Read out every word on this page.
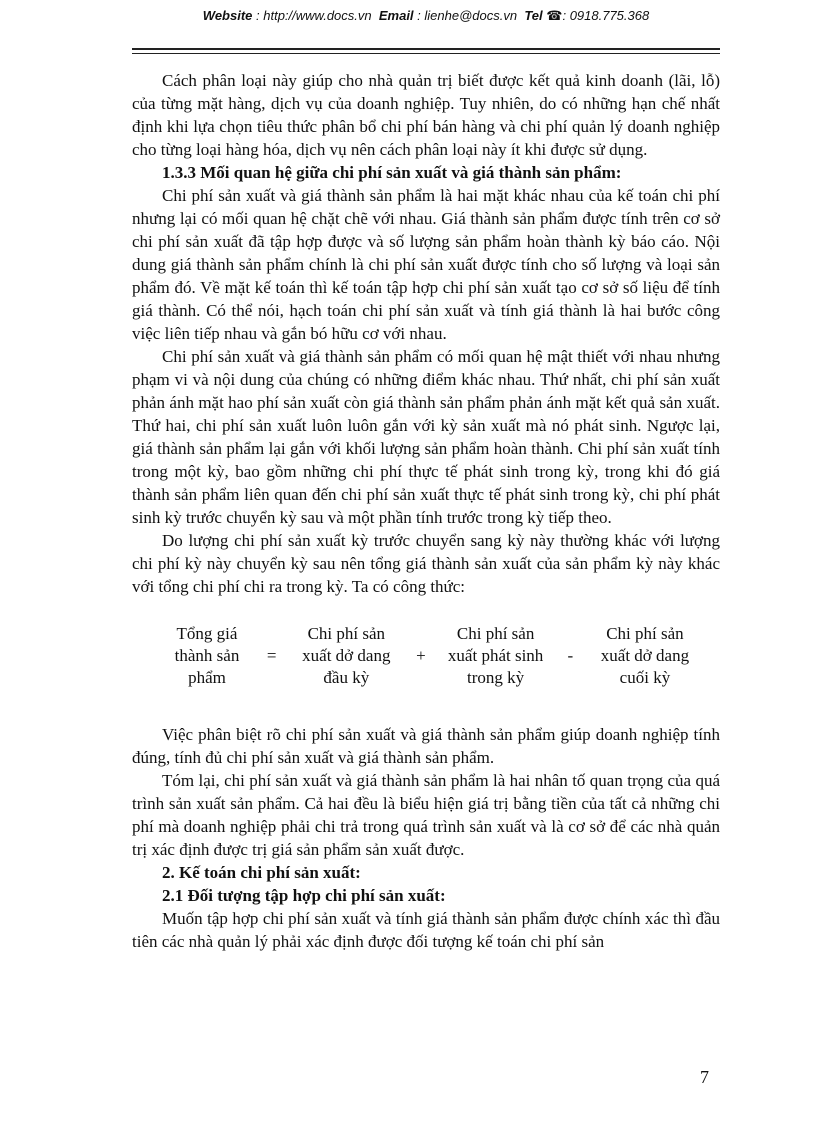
Website : http://www.docs.vn Email : lienhe@docs.vn Tel ☎: 0918.775.368

Cách phân loại này giúp cho nhà quản trị biết được kết quả kinh doanh (lãi, lỗ) của từng mặt hàng, dịch vụ của doanh nghiệp. Tuy nhiên, do có những hạn chế nhất định khi lựa chọn tiêu thức phân bổ chi phí bán hàng và chi phí quản lý doanh nghiệp cho từng loại hàng hóa, dịch vụ nên cách phân loại này ít khi được sử dụng.

1.3.3 Mối quan hệ giữa chi phí sản xuất và giá thành sản phẩm:

Chi phí sản xuất và giá thành sản phẩm là hai mặt khác nhau của kế toán chi phí nhưng lại có mối quan hệ chặt chẽ với nhau. Giá thành sản phẩm được tính trên cơ sở chi phí sản xuất đã tập hợp được và số lượng sản phẩm hoàn thành kỳ báo cáo. Nội dung giá thành sản phẩm chính là chi phí sản xuất được tính cho số lượng và loại sản phẩm đó. Về mặt kế toán thì kế toán tập hợp chi phí sản xuất tạo cơ sở số liệu để tính giá thành. Có thể nói, hạch toán chi phí sản xuất và tính giá thành là hai bước công việc liên tiếp nhau và gắn bó hữu cơ với nhau.

Chi phí sản xuất và giá thành sản phẩm có mối quan hệ mật thiết với nhau nhưng phạm vi và nội dung của chúng có những điểm khác nhau. Thứ nhất, chi phí sản xuất phản ánh mặt hao phí sản xuất còn giá thành sản phẩm phản ánh mặt kết quả sản xuất. Thứ hai, chi phí sản xuất luôn luôn gắn với kỳ sản xuất mà nó phát sinh. Ngược lại, giá thành sản phẩm lại gắn với khối lượng sản phẩm hoàn thành. Chi phí sản xuất tính trong một kỳ, bao gồm những chi phí thực tế phát sinh trong kỳ, trong khi đó giá thành sản phẩm liên quan đến chi phí sản xuất thực tế phát sinh trong kỳ, chi phí phát sinh kỳ trước chuyển kỳ sau và một phần tính trước trong kỳ tiếp theo.

Do lượng chi phí sản xuất kỳ trước chuyển sang kỳ này thường khác với lượng chi phí kỳ này chuyển kỳ sau nên tổng giá thành sản xuất của sản phẩm kỳ này khác với tổng chi phí chi ra trong kỳ. Ta có công thức:

Tổng giá
thành sản
phẩm
=
Chi phí sản
xuất dở dang
đầu kỳ
+
Chi phí sản
xuất phát sinh
trong kỳ
-
Chi phí sản
xuất dở dang
cuối kỳ

Việc phân biệt rõ chi phí sản xuất và giá thành sản phẩm giúp doanh nghiệp tính đúng, tính đủ chi phí sản xuất và giá thành sản phẩm.

Tóm lại, chi phí sản xuất và giá thành sản phẩm là hai nhân tố quan trọng của quá trình sản xuất sản phẩm. Cả hai đều là biểu hiện giá trị bằng tiền của tất cả những chi phí mà doanh nghiệp phải chi trả trong quá trình sản xuất và là cơ sở để các nhà quản trị xác định được trị giá sản phẩm sản xuất được.

2. Kế toán chi phí sản xuất:
2.1 Đối tượng tập hợp chi phí sản xuất:

Muốn tập hợp chi phí sản xuất và tính giá thành sản phẩm được chính xác thì đầu tiên các nhà quản lý phải xác định được đối tượng kế toán chi phí sản

7
